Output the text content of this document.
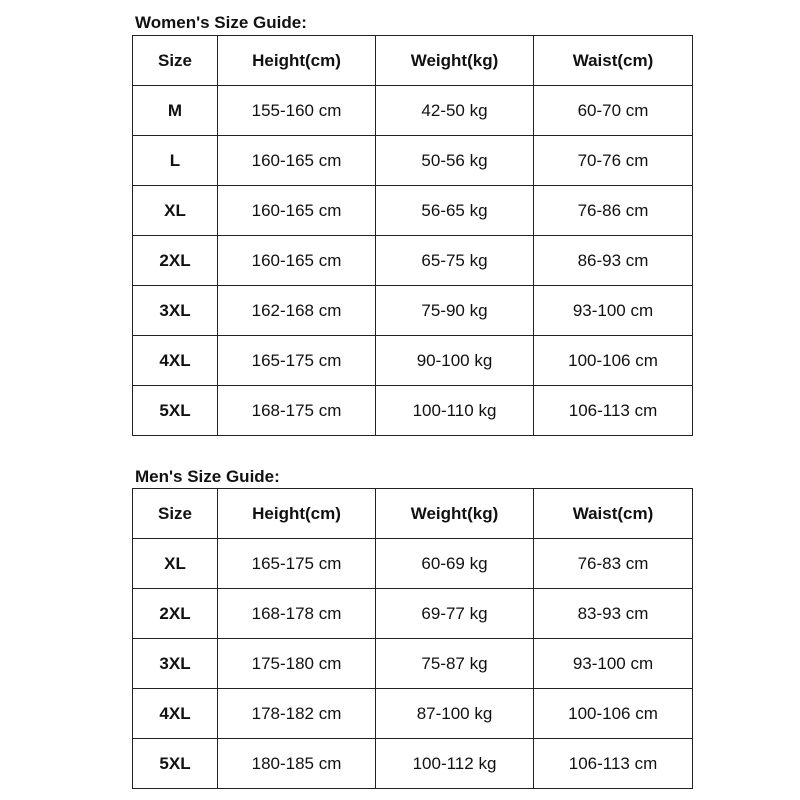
Women's Size Guide:
Size	Height(cm)	Weight(kg)	Waist(cm)
M	155-160 cm	42-50 kg	60-70 cm
L	160-165 cm	50-56 kg	70-76 cm
XL	160-165 cm	56-65 kg	76-86 cm
2XL	160-165 cm	65-75 kg	86-93 cm
3XL	162-168 cm	75-90 kg	93-100 cm
4XL	165-175 cm	90-100 kg	100-106 cm
5XL	168-175 cm	100-110 kg	106-113 cm
Men's Size Guide:
Size	Height(cm)	Weight(kg)	Waist(cm)
XL	165-175 cm	60-69 kg	76-83 cm
2XL	168-178 cm	69-77 kg	83-93 cm
3XL	175-180 cm	75-87 kg	93-100 cm
4XL	178-182 cm	87-100 kg	100-106 cm
5XL	180-185 cm	100-112 kg	106-113 cm
